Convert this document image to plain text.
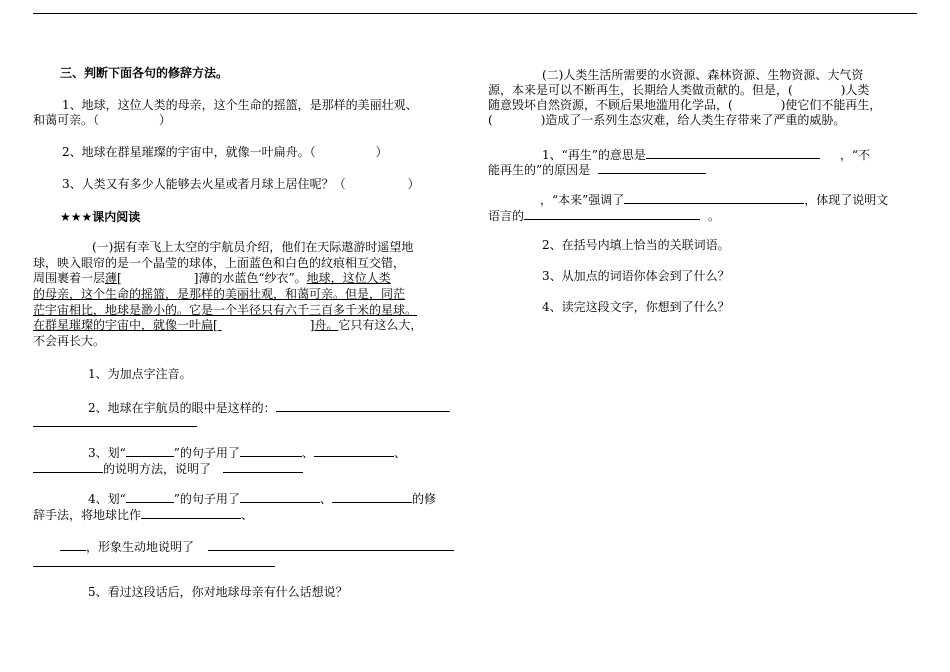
三、判断下面各句的修辞方法。
1、地球，这位人类的母亲，这个生命的摇篮，是那样的美丽壮观、
和蔼可亲。（	）
2、地球在群星璀璨的宇宙中，就像一叶扁舟。（	）
3、人类又有多少人能够去火星或者月球上居住呢？（	）
★★★课内阅读
(一)据有幸飞上太空的宇航员介绍，他们在天际遨游时遥望地
球，映入眼帘的是一个晶莹的球体，上面蓝色和白色的纹痕相互交错，
周围裹着一层薄[	]薄的水蓝色“纱衣”。地球，这位人类
的母亲，这个生命的摇篮，是那样的美丽壮观，和蔼可亲。但是，同茫
茫宇宙相比，地球是渺小的。它是一个半径只有六千三百多千米的星球。
在群星璀璨的宇宙中，就像一叶扁[	]舟。它只有这么大，
不会再长大。
1、为加点字注音。
2、地球在宇航员的眼中是这样的：
3、划“	”的句子用了	、	、
的说明方法，说明了
4、划“	”的句子用了	、	的修
辞手法，将地球比作	、
，形象生动地说明了
5、看过这段话后，你对地球母亲有什么话想说？
(二)人类生活所需要的水资源、森林资源、生物资源、大气资
源，本来是可以不断再生，长期给人类做贡献的。但是，(	)人类
随意毁坏自然资源，不顾后果地滥用化学品，(	)使它们不能再生，
(	)造成了一系列生态灾难，给人类生存带来了严重的威胁。
1、“再生”的意思是	，“不
能再生的”的原因是
，“本来”强调了	，体现了说明文
语言的	。
2、在括号内填上恰当的关联词语。
3、从加点的词语你体会到了什么？
4、读完这段文字，你想到了什么？
